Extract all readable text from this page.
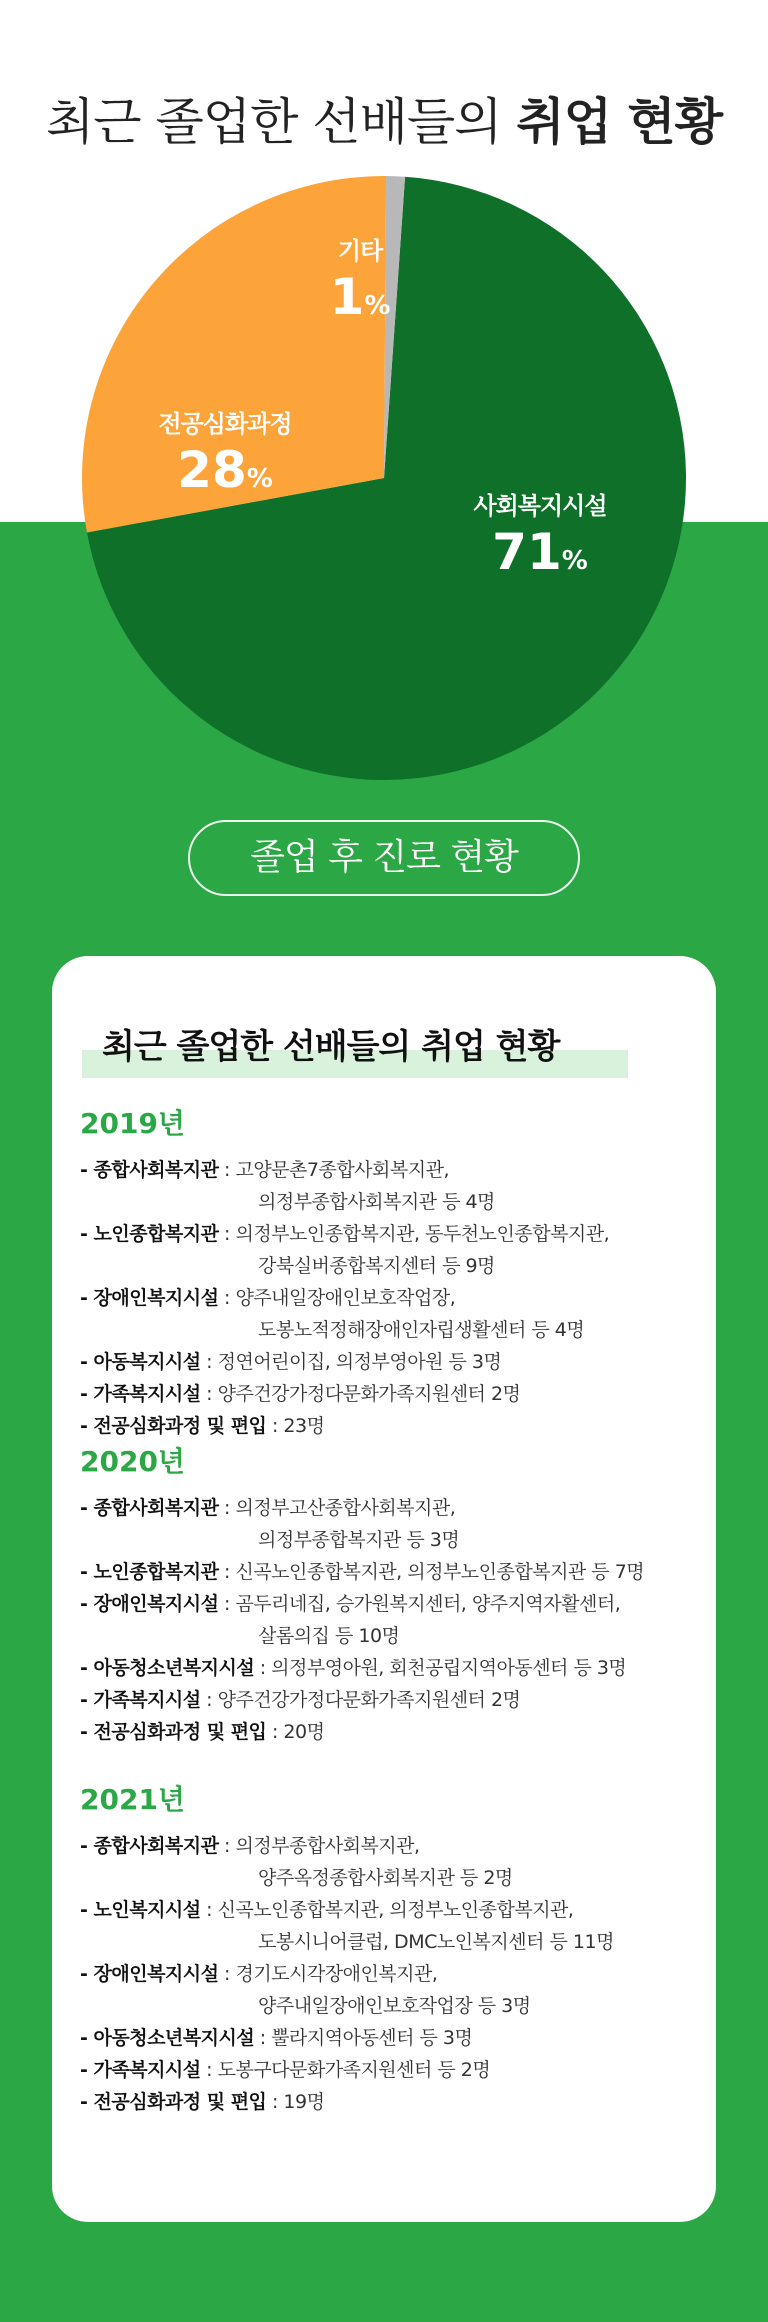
최근 졸업한 선배들의 취업 현황
기타
1%
전공심화과정
28%
사회복지시설
71%
졸업 후 진로 현황
최근 졸업한 선배들의 취업 현황
2019년
- 종합사회복지관 : 고양문촌7종합사회복지관,
의정부종합사회복지관 등 4명
- 노인종합복지관 : 의정부노인종합복지관, 동두천노인종합복지관,
강북실버종합복지센터 등 9명
- 장애인복지시설 : 양주내일장애인보호작업장,
도봉노적정해장애인자립생활센터 등 4명
- 아동복지시설 : 정연어린이집, 의정부영아원 등 3명
- 가족복지시설 : 양주건강가정다문화가족지원센터 2명
- 전공심화과정 및 편입 : 23명
2020년
- 종합사회복지관 : 의정부고산종합사회복지관,
의정부종합복지관 등 3명
- 노인종합복지관 : 신곡노인종합복지관, 의정부노인종합복지관 등 7명
- 장애인복지시설 : 곰두리네집, 승가원복지센터, 양주지역자활센터,
살롬의집 등 10명
- 아동청소년복지시설 : 의정부영아원, 회천공립지역아동센터 등 3명
- 가족복지시설 : 양주건강가정다문화가족지원센터 2명
- 전공심화과정 및 편입 : 20명
2021년
- 종합사회복지관 : 의정부종합사회복지관,
양주옥정종합사회복지관 등 2명
- 노인복지시설 : 신곡노인종합복지관, 의정부노인종합복지관,
도봉시니어클럽, DMC노인복지센터 등 11명
- 장애인복지시설 : 경기도시각장애인복지관,
양주내일장애인보호작업장 등 3명
- 아동청소년복지시설 : 뿔라지역아동센터 등 3명
- 가족복지시설 : 도봉구다문화가족지원센터 등 2명
- 전공심화과정 및 편입 : 19명
